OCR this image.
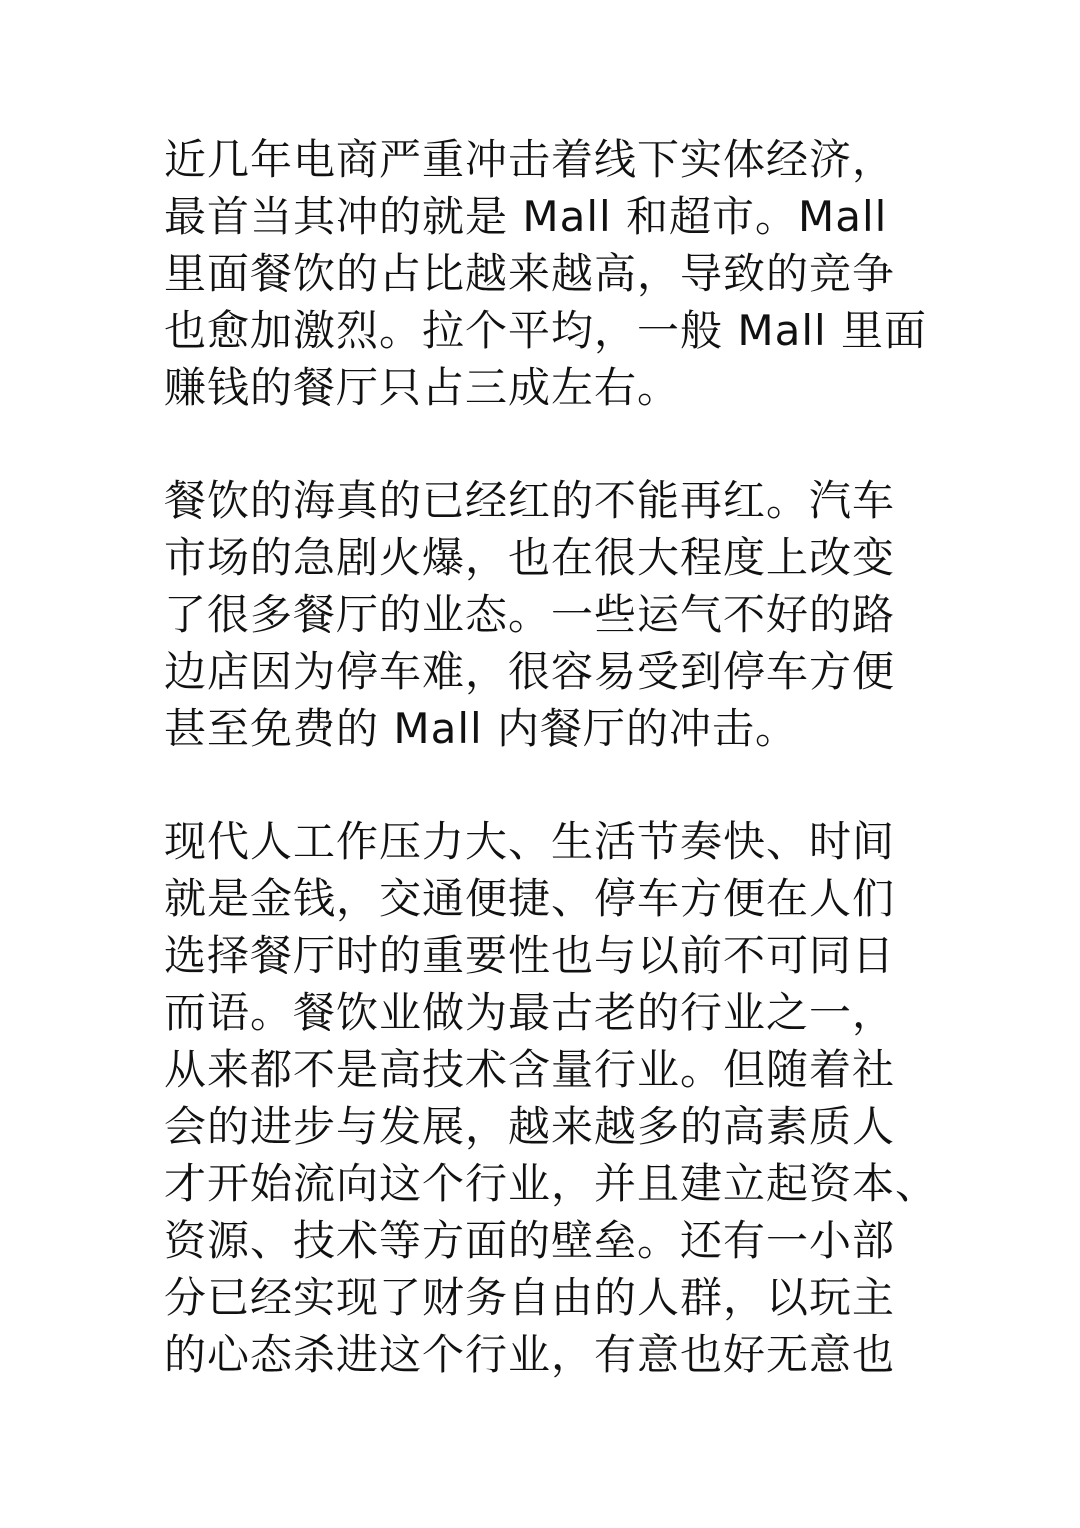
近几年电商严重冲击着线下实体经济，
最首当其冲的就是 Mall 和超市。Mall
里面餐饮的占比越来越高，导致的竞争
也愈加激烈。拉个平均，一般 Mall 里面
赚钱的餐厅只占三成左右。
餐饮的海真的已经红的不能再红。汽车
市场的急剧火爆，也在很大程度上改变
了很多餐厅的业态。一些运气不好的路
边店因为停车难，很容易受到停车方便
甚至免费的 Mall 内餐厅的冲击。
现代人工作压力大、生活节奏快、时间
就是金钱，交通便捷、停车方便在人们
选择餐厅时的重要性也与以前不可同日
而语。餐饮业做为最古老的行业之一，
从来都不是高技术含量行业。但随着社
会的进步与发展，越来越多的高素质人
才开始流向这个行业，并且建立起资本、
资源、技术等方面的壁垒。还有一小部
分已经实现了财务自由的人群，以玩主
的心态杀进这个行业，有意也好无意也
